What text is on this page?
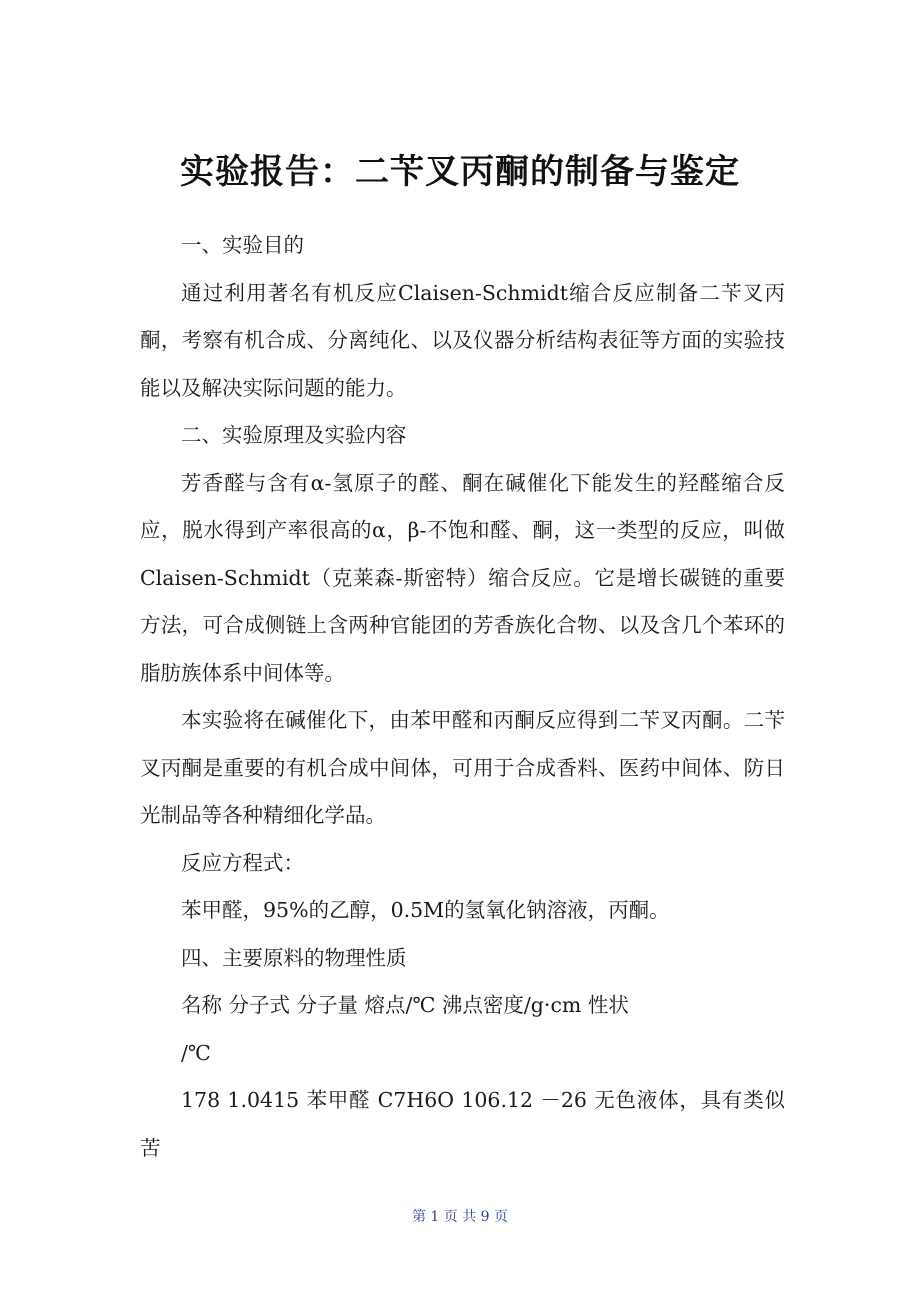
实验报告：二苄叉丙酮的制备与鉴定

一、实验目的

通过利用著名有机反应Claisen-Schmidt缩合反应制备二苄叉丙酮，考察有机合成、分离纯化、以及仪器分析结构表征等方面的实验技能以及解决实际问题的能力。

二、实验原理及实验内容

芳香醛与含有α-氢原子的醛、酮在碱催化下能发生的羟醛缩合反应，脱水得到产率很高的α，β-不饱和醛、酮，这一类型的反应，叫做Claisen-Schmidt（克莱森-斯密特）缩合反应。它是增长碳链的重要方法，可合成侧链上含两种官能团的芳香族化合物、以及含几个苯环的脂肪族体系中间体等。

本实验将在碱催化下，由苯甲醛和丙酮反应得到二苄叉丙酮。二苄叉丙酮是重要的有机合成中间体，可用于合成香料、医药中间体、防日光制品等各种精细化学品。

反应方程式：

苯甲醛，95%的乙醇，0.5M的氢氧化钠溶液，丙酮。

四、主要原料的物理性质

名称 分子式 分子量 熔点/℃ 沸点密度/g·cm 性状

/℃

178 1.0415 苯甲醛 C7H6O 106.12 －26 无色液体，具有类似苦

第 1 页 共 9 页
